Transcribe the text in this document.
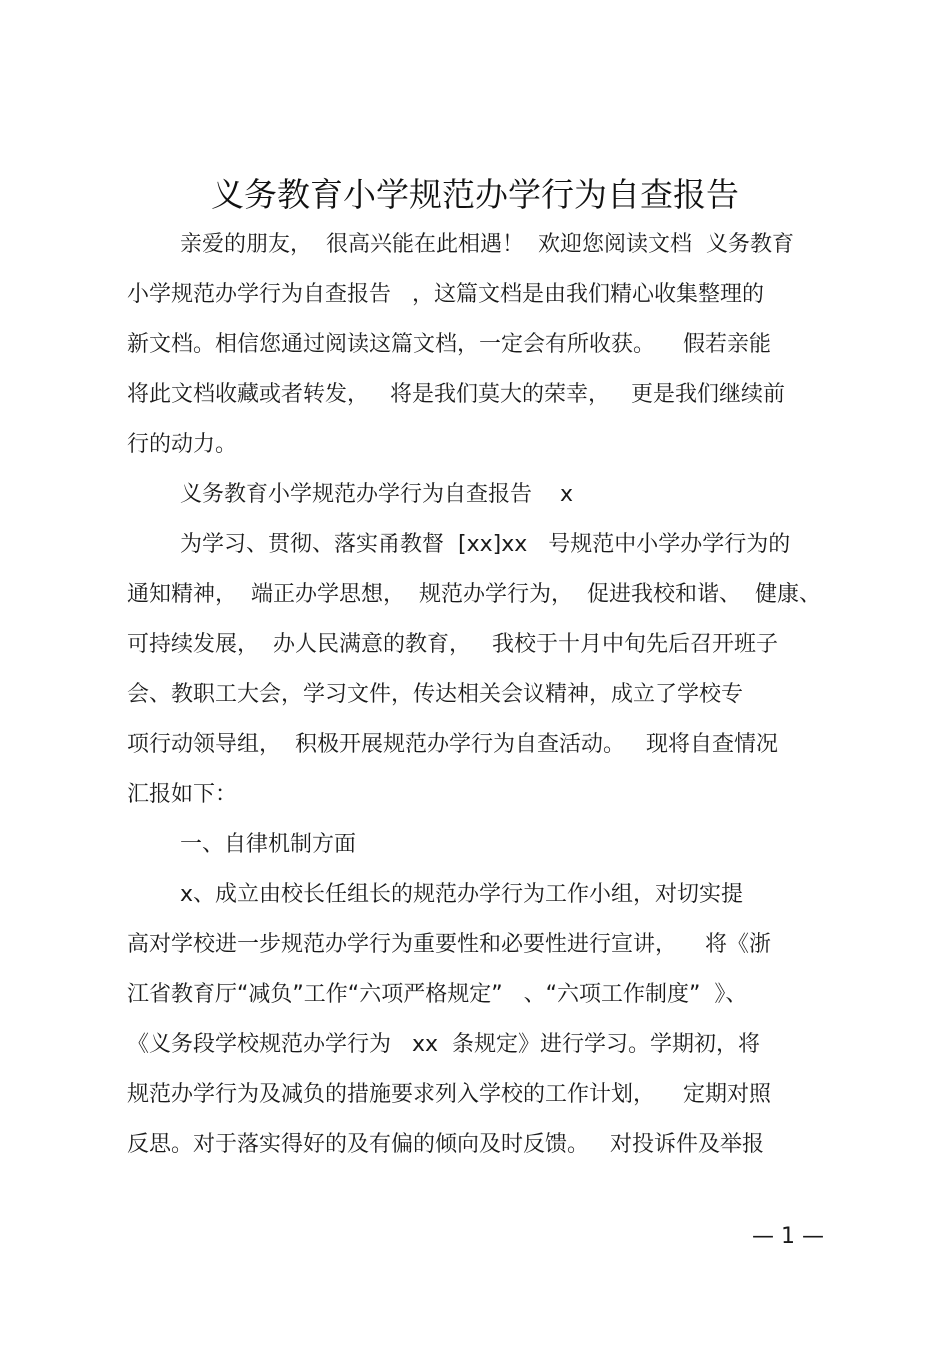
义务教育小学规范办学行为自查报告
亲爱的朋友，  很高兴能在此相遇！  欢迎您阅读文档  义务教育
小学规范办学行为自查报告   ，这篇文档是由我们精心收集整理的
新文档。相信您通过阅读这篇文档，一定会有所收获。    假若亲能
将此文档收藏或者转发，   将是我们莫大的荣幸，   更是我们继续前
行的动力。
义务教育小学规范办学行为自查报告    x
为学习、贯彻、落实甬教督  [xx]xx   号规范中小学办学行为的
通知精神，  端正办学思想，  规范办学行为，  促进我校和谐、  健康、
可持续发展，  办人民满意的教育，   我校于十月中旬先后召开班子
会、教职工大会，学习文件，传达相关会议精神，成立了学校专
项行动领导组，  积极开展规范办学行为自查活动。   现将自查情况
汇报如下：
一、自律机制方面
x、成立由校长任组长的规范办学行为工作小组，对切实提
高对学校进一步规范办学行为重要性和必要性进行宣讲，    将《浙
江省教育厅“减负”工作“六项严格规定”   、“六项工作制度”  》、
《义务段学校规范办学行为   xx  条规定》进行学习。学期初，将
规范办学行为及减负的措施要求列入学校的工作计划，    定期对照
反思。对于落实得好的及有偏的倾向及时反馈。   对投诉件及举报
— 1 —
